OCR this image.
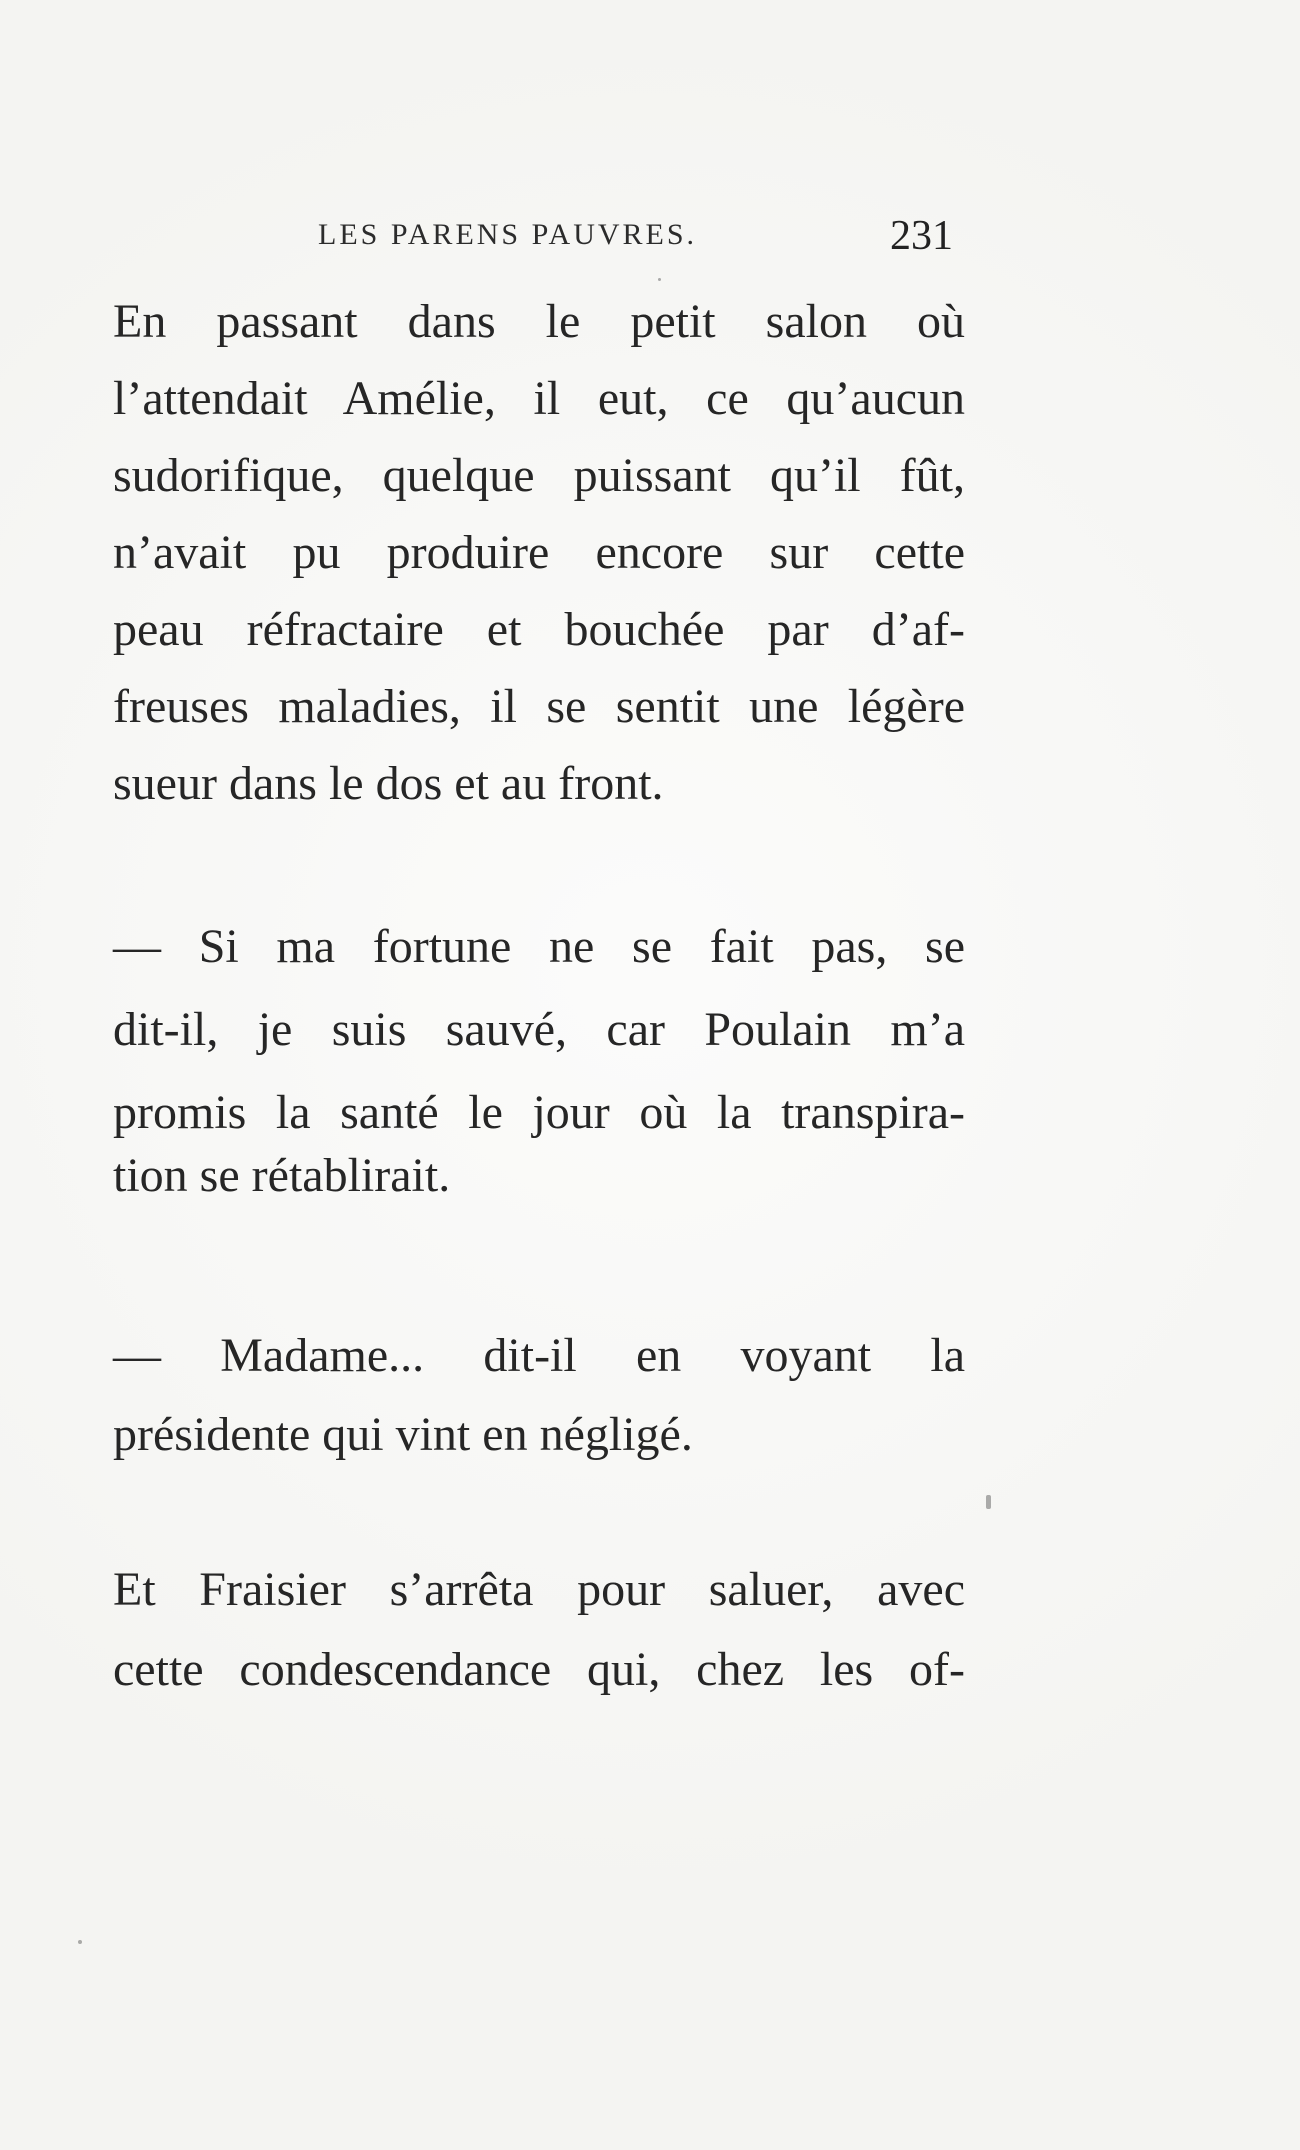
LES PARENS PAUVRES.	231
En passant dans le petit salon où
l’attendait Amélie, il eut, ce qu’aucun
sudorifique, quelque puissant qu’il fût,
n’avait pu produire encore sur cette
peau réfractaire et bouchée par d’af-
freuses maladies, il se sentit une légère
sueur dans le dos et au front.
— Si ma fortune ne se fait pas, se
dit-il, je suis sauvé, car Poulain m’a
promis la santé le jour où la transpira-
tion se rétablirait.
— Madame... dit-il en voyant la
présidente qui vint en négligé.
Et Fraisier s’arrêta pour saluer, avec
cette condescendance qui, chez les of-
